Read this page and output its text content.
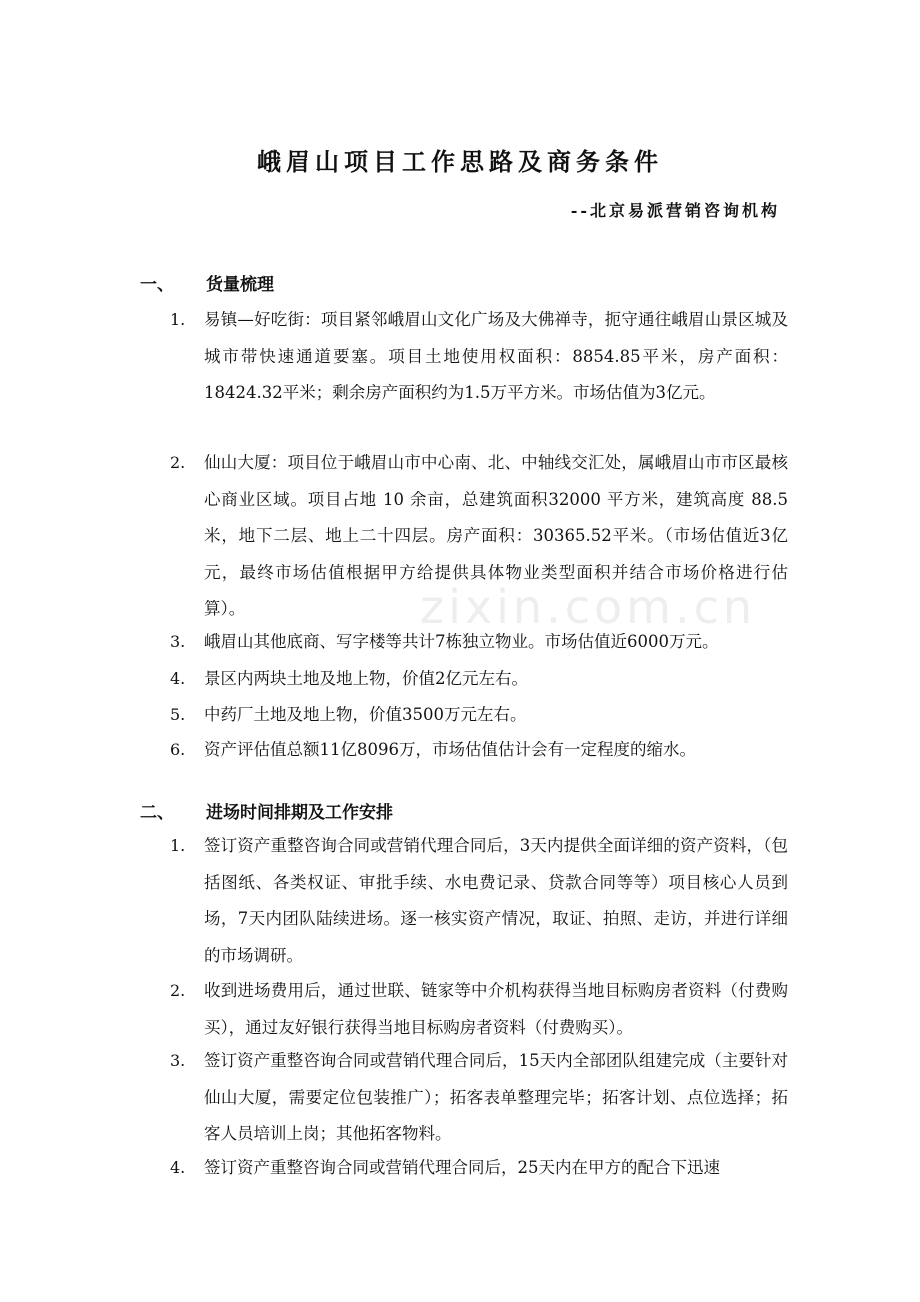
zixin.com.cn
峨眉山项目工作思路及商务条件
--北京易派营销咨询机构
一、 货量梳理
1. 易镇—好吃街：项目紧邻峨眉山文化广场及大佛禅寺，扼守通往峨眉山景区城及城市带快速通道要塞。项目土地使用权面积：8854.85平米，房产面积：18424.32平米；剩余房产面积约为1.5万平方米。市场估值为3亿元。
2. 仙山大厦：项目位于峨眉山市中心南、北、中轴线交汇处，属峨眉山市市区最核心商业区域。项目占地 10 余亩，总建筑面积32000 平方米，建筑高度 88.5 米，地下二层、地上二十四层。房产面积：30365.52平米。（市场估值近3亿元，最终市场估值根据甲方给提供具体物业类型面积并结合市场价格进行估算）。
3. 峨眉山其他底商、写字楼等共计7栋独立物业。市场估值近6000万元。
4. 景区内两块土地及地上物，价值2亿元左右。
5. 中药厂土地及地上物，价值3500万元左右。
6. 资产评估值总额11亿8096万，市场估值估计会有一定程度的缩水。
二、 进场时间排期及工作安排
1. 签订资产重整咨询合同或营销代理合同后，3天内提供全面详细的资产资料，（包括图纸、各类权证、审批手续、水电费记录、贷款合同等等）项目核心人员到场，7天内团队陆续进场。逐一核实资产情况，取证、拍照、走访，并进行详细的市场调研。
2. 收到进场费用后，通过世联、链家等中介机构获得当地目标购房者资料（付费购买），通过友好银行获得当地目标购房者资料（付费购买）。
3. 签订资产重整咨询合同或营销代理合同后，15天内全部团队组建完成（主要针对仙山大厦，需要定位包装推广）；拓客表单整理完毕；拓客计划、点位选择；拓客人员培训上岗；其他拓客物料。
4. 签订资产重整咨询合同或营销代理合同后，25天内在甲方的配合下迅速
